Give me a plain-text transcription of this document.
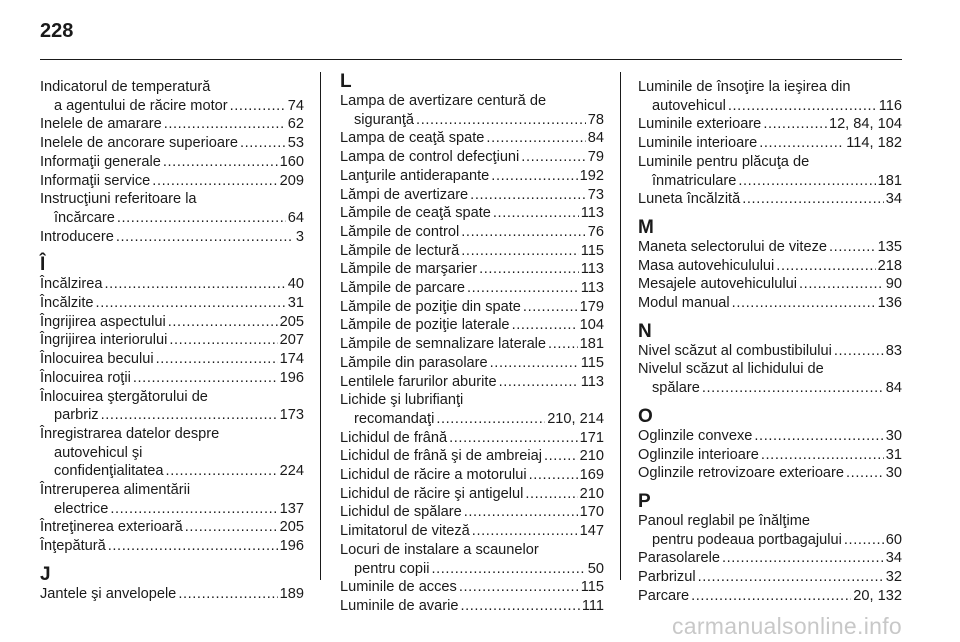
228
Indicatorul de temperatură
a agentului de răcire motor .....	74
Inelele de amarare .....	62
Inelele de ancorare superioare .....	53
Informaţii generale .....	160
Informaţii service .....	209
Instrucţiuni referitoare la
încărcare .....	64
Introducere .....	3
Î
Încălzirea .....	40
Încălzite .....	31
Îngrijirea aspectului .....	205
Îngrijirea interiorului .....	207
Înlocuirea becului .....	174
Înlocuirea roţii .....	196
Înlocuirea ştergătorului de
parbriz .....	173
Înregistrarea datelor despre
autovehicul şi
confidenţialitatea .....	224
Întreruperea alimentării
electrice .....	137
Întreţinerea exterioară .....	205
Înţepătură .....	196
J
Jantele şi anvelopele .....	189
L
Lampa de avertizare centură de
siguranţă .....	78
Lampa de ceaţă spate .....	84
Lampa de control defecţiuni .....	79
Lanţurile antiderapante .....	192
Lămpi de avertizare .....	73
Lămpile de ceaţă spate .....	113
Lămpile de control .....	76
Lămpile de lectură .....	115
Lămpile de marşarier .....	113
Lămpile de parcare .....	113
Lămpile de poziţie din spate .....	179
Lămpile de poziţie laterale .....	104
Lămpile de semnalizare laterale ..... 181
Lămpile din parasolare .....	115
Lentilele farurilor aburite .....	113
Lichide şi lubrifianţi
recomandaţi .....	210, 214
Lichidul de frână .....	171
Lichidul de frână şi de ambreiaj .....	210
Lichidul de răcire a motorului .....	169
Lichidul de răcire şi antigelul .....	210
Lichidul de spălare .....	170
Limitatorul de viteză .....	147
Locuri de instalare a scaunelor
pentru copii .....	50
Luminile de acces .....	115
Luminile de avarie .....	111
Luminile de însoţire la ieşirea din
autovehicul .....	116
Luminile exterioare .....	12, 84, 104
Luminile interioare .....	114, 182
Luminile pentru plăcuţa de
înmatriculare .....	181
Luneta încălzită .....	34
M
Maneta selectorului de viteze .....	135
Masa autovehiculului .....	218
Mesajele autovehiculului .....	90
Modul manual .....	136
N
Nivel scăzut al combustibilului .....	83
Nivelul scăzut al lichidului de
spălare .....	84
O
Oglinzile convexe .....	30
Oglinzile interioare .....	31
Oglinzile retrovizoare exterioare .....	30
P
Panoul reglabil pe înălţime
pentru podeaua portbagajului .....	60
Parasolarele .....	34
Parbrizul .....	32
Parcare .....	20, 132
carmanualsonline.info
